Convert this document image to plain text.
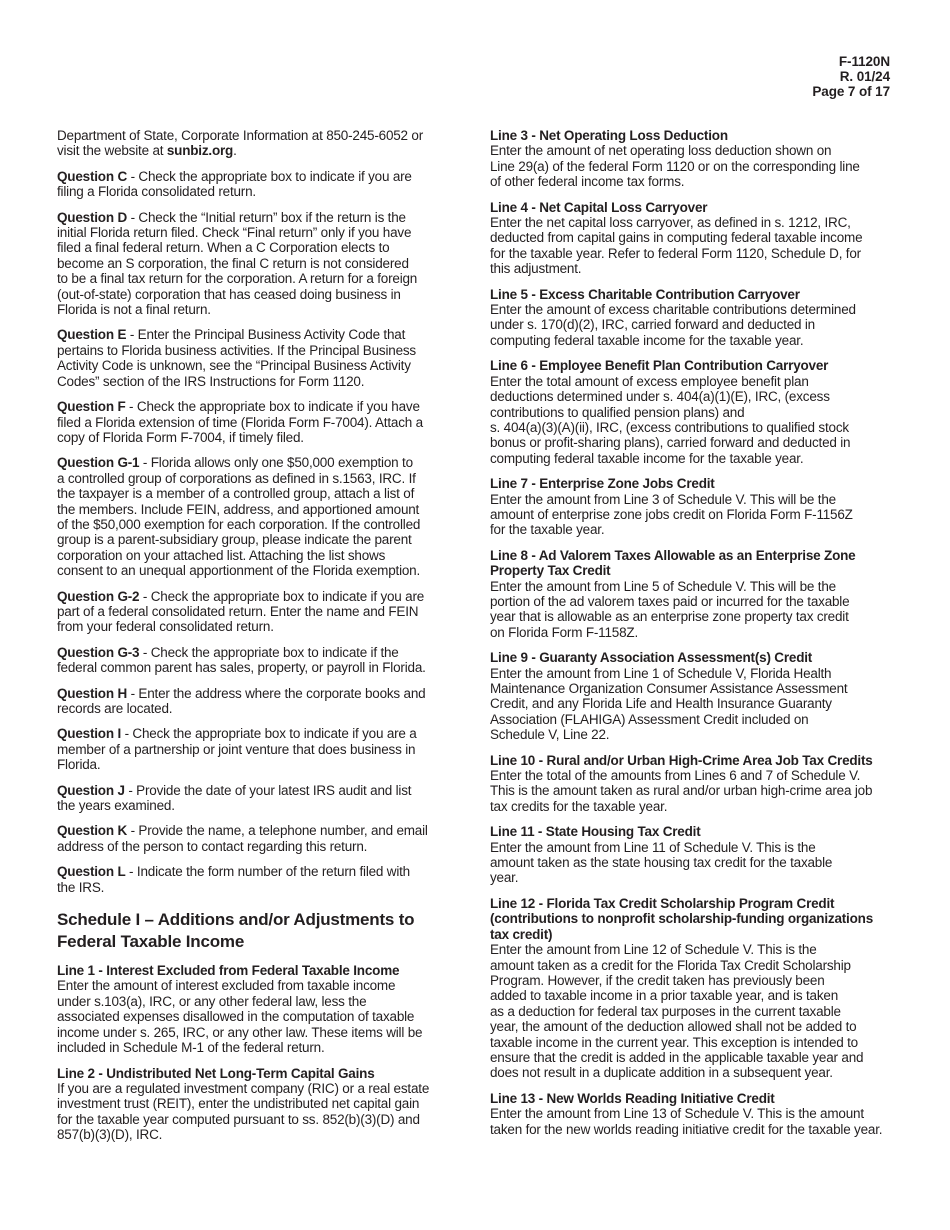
F-1120N
R. 01/24
Page 7 of 17

Department of State, Corporate Information at 850-245-6052 or
visit the website at sunbiz.org.

Question C - Check the appropriate box to indicate if you are
filing a Florida consolidated return.

Question D - Check the “Initial return” box if the return is the
initial Florida return filed. Check “Final return” only if you have
filed a final federal return. When a C Corporation elects to
become an S corporation, the final C return is not considered
to be a final tax return for the corporation. A return for a foreign
(out-of-state) corporation that has ceased doing business in
Florida is not a final return.

Question E - Enter the Principal Business Activity Code that
pertains to Florida business activities. If the Principal Business
Activity Code is unknown, see the “Principal Business Activity
Codes” section of the IRS Instructions for Form 1120.

Question F - Check the appropriate box to indicate if you have
filed a Florida extension of time (Florida Form F-7004). Attach a
copy of Florida Form F-7004, if timely filed.

Question G-1 - Florida allows only one $50,000 exemption to
a controlled group of corporations as defined in s.1563, IRC. If
the taxpayer is a member of a controlled group, attach a list of
the members. Include FEIN, address, and apportioned amount
of the $50,000 exemption for each corporation. If the controlled
group is a parent-subsidiary group, please indicate the parent
corporation on your attached list. Attaching the list shows
consent to an unequal apportionment of the Florida exemption.

Question G-2 - Check the appropriate box to indicate if you are
part of a federal consolidated return. Enter the name and FEIN
from your federal consolidated return.

Question G-3 - Check the appropriate box to indicate if the
federal common parent has sales, property, or payroll in Florida.

Question H - Enter the address where the corporate books and
records are located.

Question I - Check the appropriate box to indicate if you are a
member of a partnership or joint venture that does business in
Florida.

Question J - Provide the date of your latest IRS audit and list
the years examined.

Question K - Provide the name, a telephone number, and email
address of the person to contact regarding this return.

Question L - Indicate the form number of the return filed with
the IRS.

Schedule I – Additions and/or Adjustments to
Federal Taxable Income

Line 1 - Interest Excluded from Federal Taxable Income
Enter the amount of interest excluded from taxable income
under s.103(a), IRC, or any other federal law, less the
associated expenses disallowed in the computation of taxable
income under s. 265, IRC, or any other law. These items will be
included in Schedule M-1 of the federal return.

Line 2 - Undistributed Net Long-Term Capital Gains
If you are a regulated investment company (RIC) or a real estate
investment trust (REIT), enter the undistributed net capital gain
for the taxable year computed pursuant to ss. 852(b)(3)(D) and
857(b)(3)(D), IRC.

Line 3 - Net Operating Loss Deduction
Enter the amount of net operating loss deduction shown on
Line 29(a) of the federal Form 1120 or on the corresponding line
of other federal income tax forms.

Line 4 - Net Capital Loss Carryover
Enter the net capital loss carryover, as defined in s. 1212, IRC,
deducted from capital gains in computing federal taxable income
for the taxable year. Refer to federal Form 1120, Schedule D, for
this adjustment.

Line 5 - Excess Charitable Contribution Carryover
Enter the amount of excess charitable contributions determined
under s. 170(d)(2), IRC, carried forward and deducted in
computing federal taxable income for the taxable year.

Line 6 - Employee Benefit Plan Contribution Carryover
Enter the total amount of excess employee benefit plan
deductions determined under s. 404(a)(1)(E), IRC, (excess
contributions to qualified pension plans) and
s. 404(a)(3)(A)(ii), IRC, (excess contributions to qualified stock
bonus or profit-sharing plans), carried forward and deducted in
computing federal taxable income for the taxable year.

Line 7 - Enterprise Zone Jobs Credit
Enter the amount from Line 3 of Schedule V. This will be the
amount of enterprise zone jobs credit on Florida Form F-1156Z
for the taxable year.

Line 8 - Ad Valorem Taxes Allowable as an Enterprise Zone
Property Tax Credit
Enter the amount from Line 5 of Schedule V. This will be the
portion of the ad valorem taxes paid or incurred for the taxable
year that is allowable as an enterprise zone property tax credit
on Florida Form F-1158Z.

Line 9 - Guaranty Association Assessment(s) Credit
Enter the amount from Line 1 of Schedule V, Florida Health
Maintenance Organization Consumer Assistance Assessment
Credit, and any Florida Life and Health Insurance Guaranty
Association (FLAHIGA) Assessment Credit included on
Schedule V, Line 22.

Line 10 - Rural and/or Urban High-Crime Area Job Tax Credits
Enter the total of the amounts from Lines 6 and 7 of Schedule V.
This is the amount taken as rural and/or urban high-crime area job
tax credits for the taxable year.

Line 11 - State Housing Tax Credit
Enter the amount from Line 11 of Schedule V. This is the
amount taken as the state housing tax credit for the taxable
year.

Line 12 - Florida Tax Credit Scholarship Program Credit
(contributions to nonprofit scholarship-funding organizations
tax credit)
Enter the amount from Line 12 of Schedule V. This is the
amount taken as a credit for the Florida Tax Credit Scholarship
Program. However, if the credit taken has previously been
added to taxable income in a prior taxable year, and is taken
as a deduction for federal tax purposes in the current taxable
year, the amount of the deduction allowed shall not be added to
taxable income in the current year. This exception is intended to
ensure that the credit is added in the applicable taxable year and
does not result in a duplicate addition in a subsequent year.

Line 13 - New Worlds Reading Initiative Credit
Enter the amount from Line 13 of Schedule V. This is the amount
taken for the new worlds reading initiative credit for the taxable year.
